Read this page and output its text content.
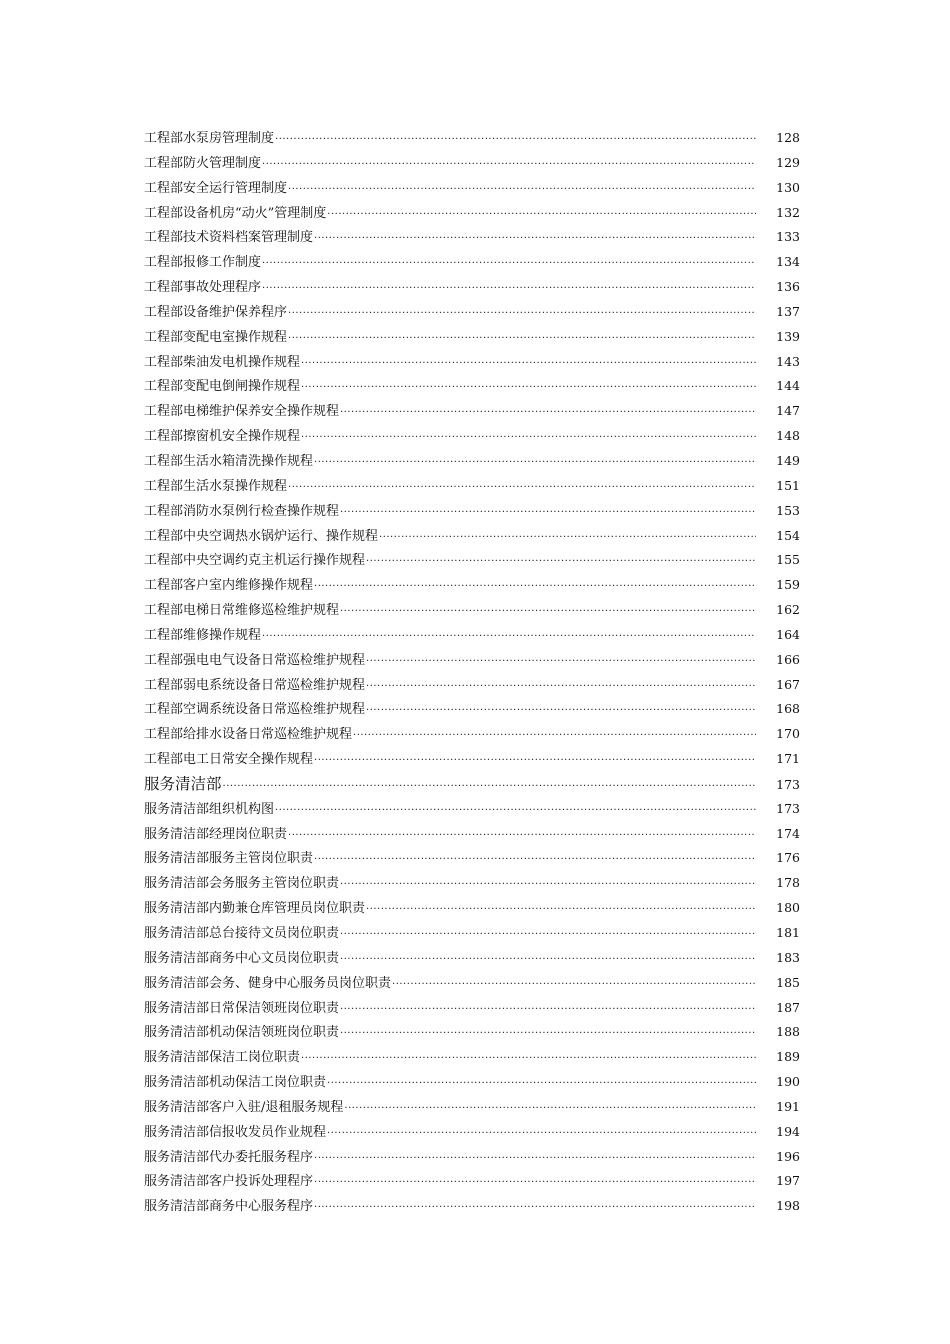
工程部水泵房管理制度 ·····	128
工程部防火管理制度 ·····	129
工程部安全运行管理制度 ·····	130
工程部设备机房“动火”管理制度 ·····	132
工程部技术资料档案管理制度 ·····	133
工程部报修工作制度 ·····	134
工程部事故处理程序 ·····	136
工程部设备维护保养程序 ·····	137
工程部变配电室操作规程 ·····	139
工程部柴油发电机操作规程 ·····	143
工程部变配电倒闸操作规程 ·····	144
工程部电梯维护保养安全操作规程 ·····	147
工程部擦窗机安全操作规程 ·····	148
工程部生活水箱清洗操作规程 ·····	149
工程部生活水泵操作规程 ·····	151
工程部消防水泵例行检查操作规程 ·····	153
工程部中央空调热水锅炉运行、操作规程 ·····	154
工程部中央空调约克主机运行操作规程 ·····	155
工程部客户室内维修操作规程 ·····	159
工程部电梯日常维修巡检维护规程 ·····	162
工程部维修操作规程 ·····	164
工程部强电电气设备日常巡检维护规程 ·····	166
工程部弱电系统设备日常巡检维护规程 ·····	167
工程部空调系统设备日常巡检维护规程 ·····	168
工程部给排水设备日常巡检维护规程 ·····	170
工程部电工日常安全操作规程 ·····	171
服务清洁部 ·····	173
服务清洁部组织机构图 ·····	173
服务清洁部经理岗位职责 ·····	174
服务清洁部服务主管岗位职责 ·····	176
服务清洁部会务服务主管岗位职责 ·····	178
服务清洁部内勤兼仓库管理员岗位职责 ·····	180
服务清洁部总台接待文员岗位职责 ·····	181
服务清洁部商务中心文员岗位职责 ·····	183
服务清洁部会务、健身中心服务员岗位职责 ·····	185
服务清洁部日常保洁领班岗位职责 ·····	187
服务清洁部机动保洁领班岗位职责 ·····	188
服务清洁部保洁工岗位职责 ·····	189
服务清洁部机动保洁工岗位职责 ·····	190
服务清洁部客户入驻/退租服务规程 ·····	191
服务清洁部信报收发员作业规程 ·····	194
服务清洁部代办委托服务程序 ·····	196
服务清洁部客户投诉处理程序 ·····	197
服务清洁部商务中心服务程序 ·····	198
